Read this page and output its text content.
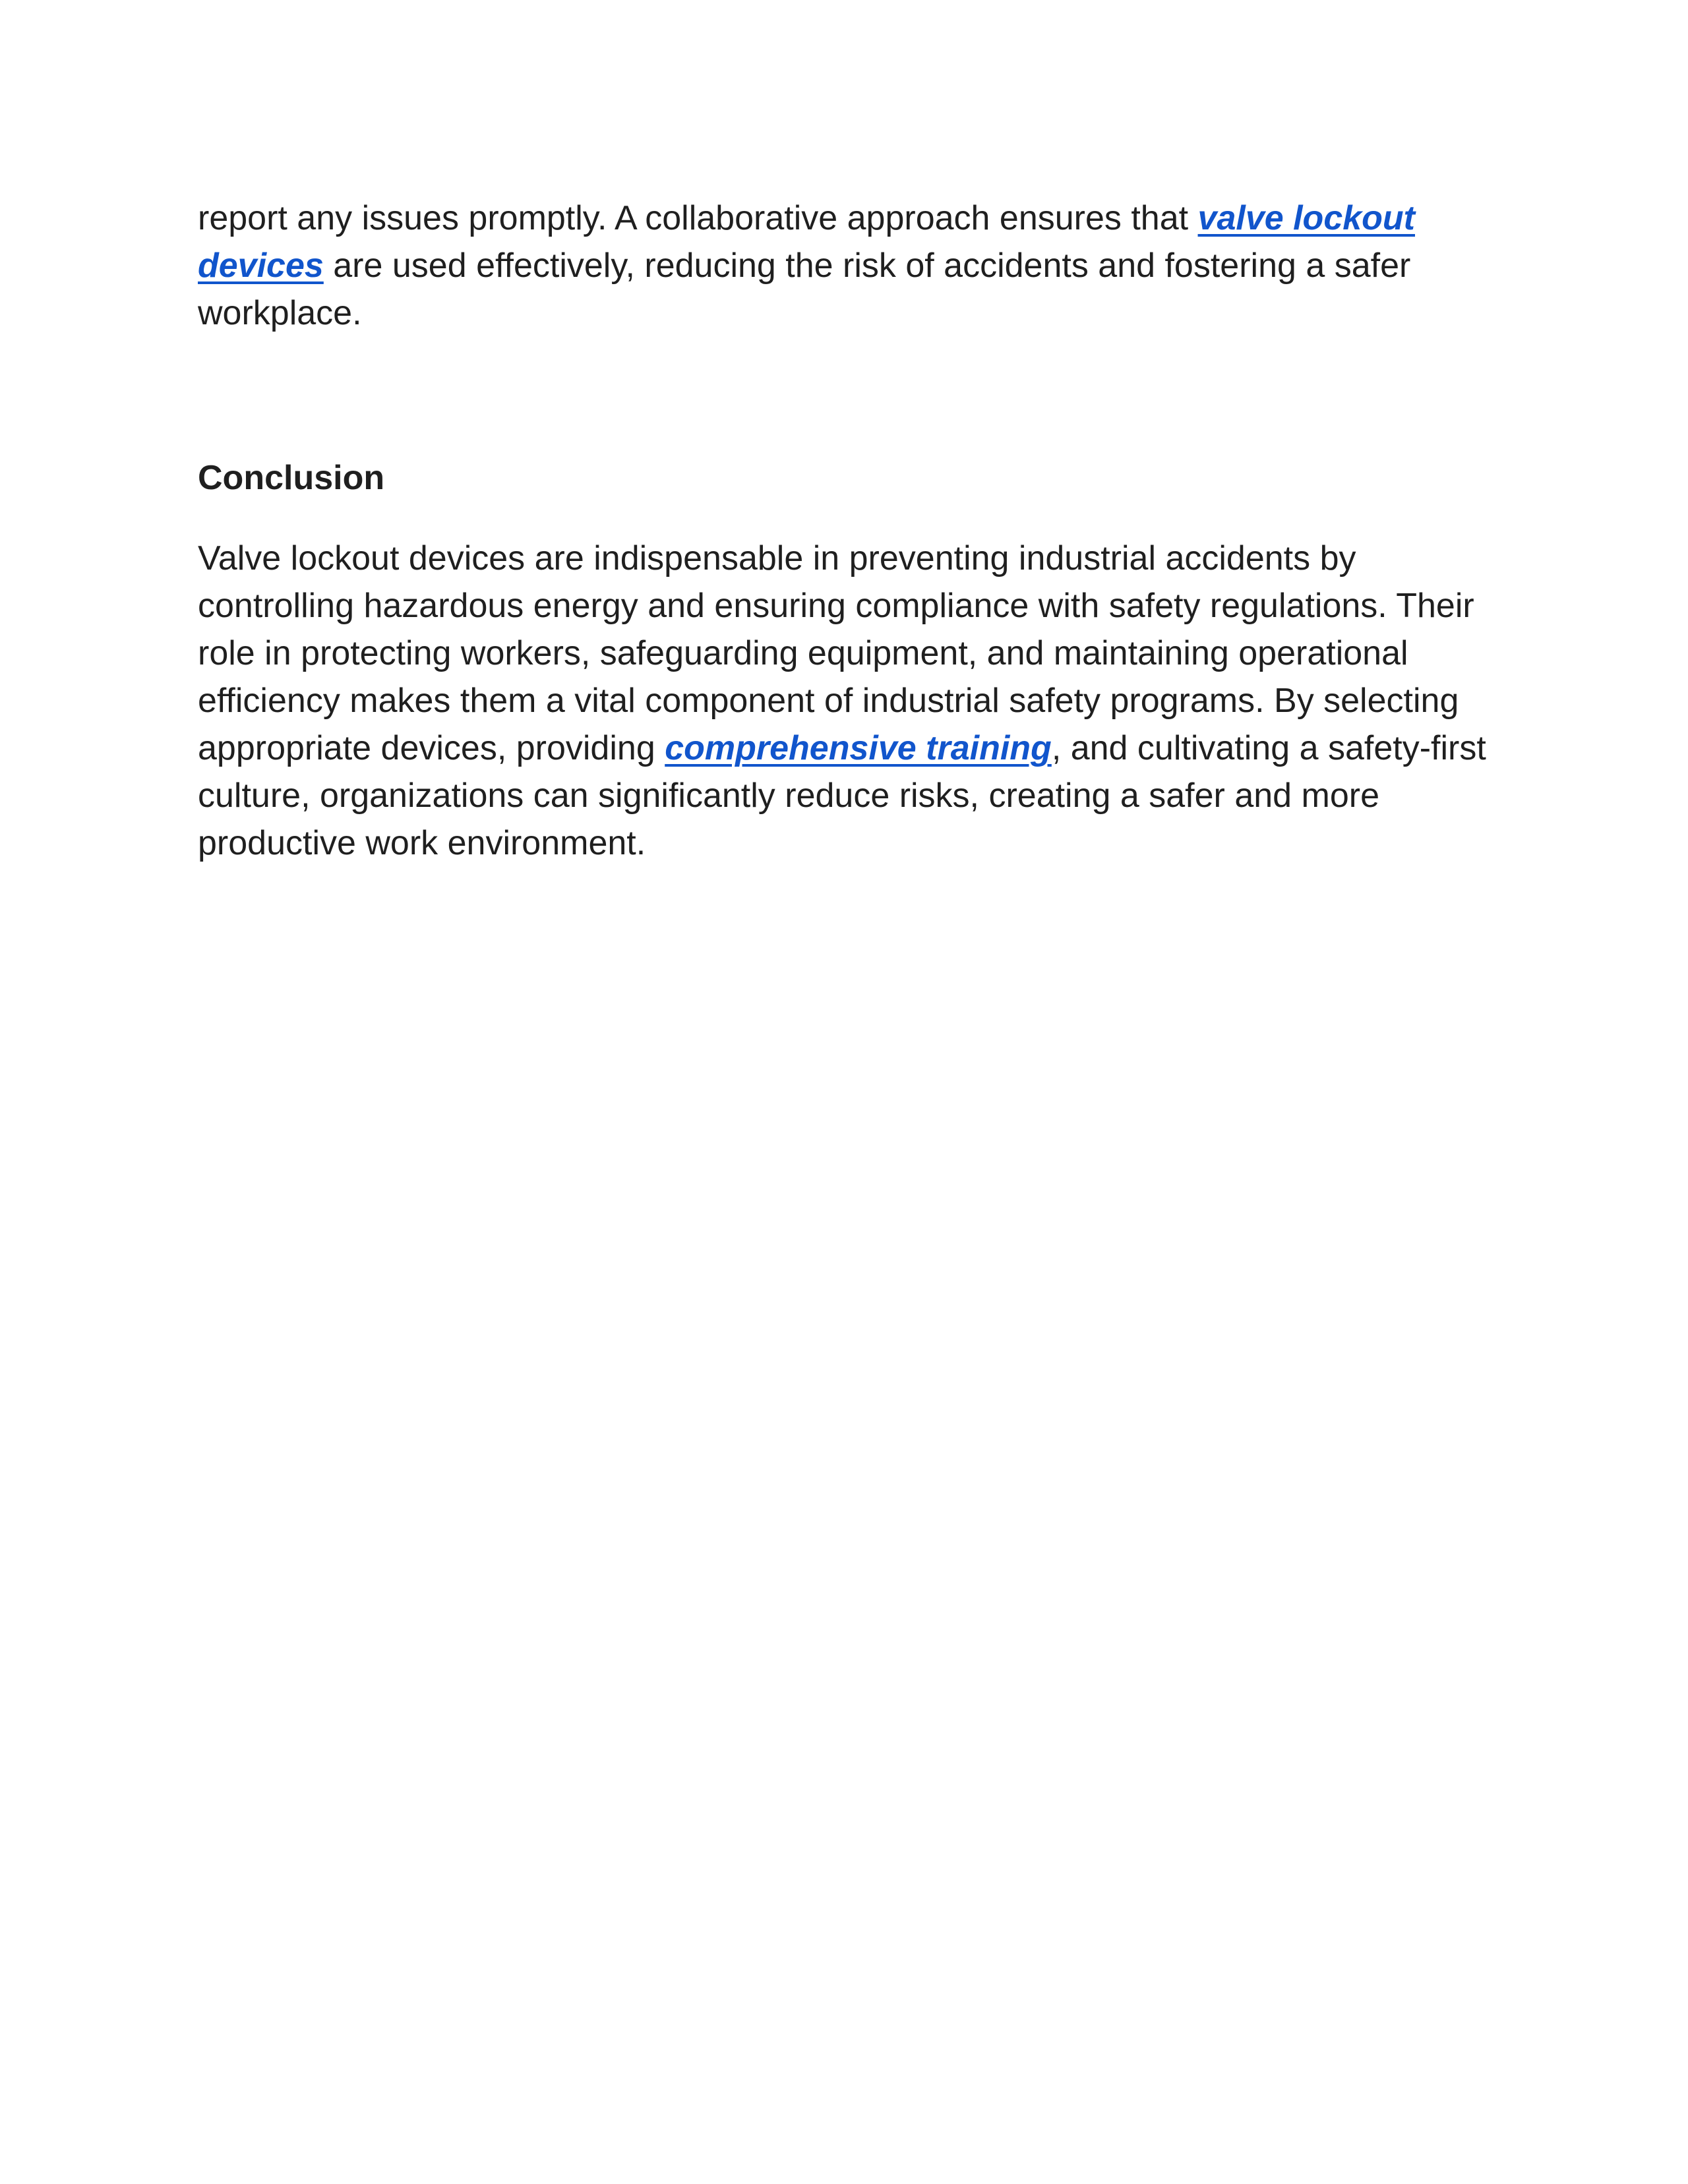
report any issues promptly. A collaborative approach ensures that valve lockout devices are used effectively, reducing the risk of accidents and fostering a safer workplace.

Conclusion

Valve lockout devices are indispensable in preventing industrial accidents by controlling hazardous energy and ensuring compliance with safety regulations. Their role in protecting workers, safeguarding equipment, and maintaining operational efficiency makes them a vital component of industrial safety programs. By selecting appropriate devices, providing comprehensive training, and cultivating a safety-first culture, organizations can significantly reduce risks, creating a safer and more productive work environment.
